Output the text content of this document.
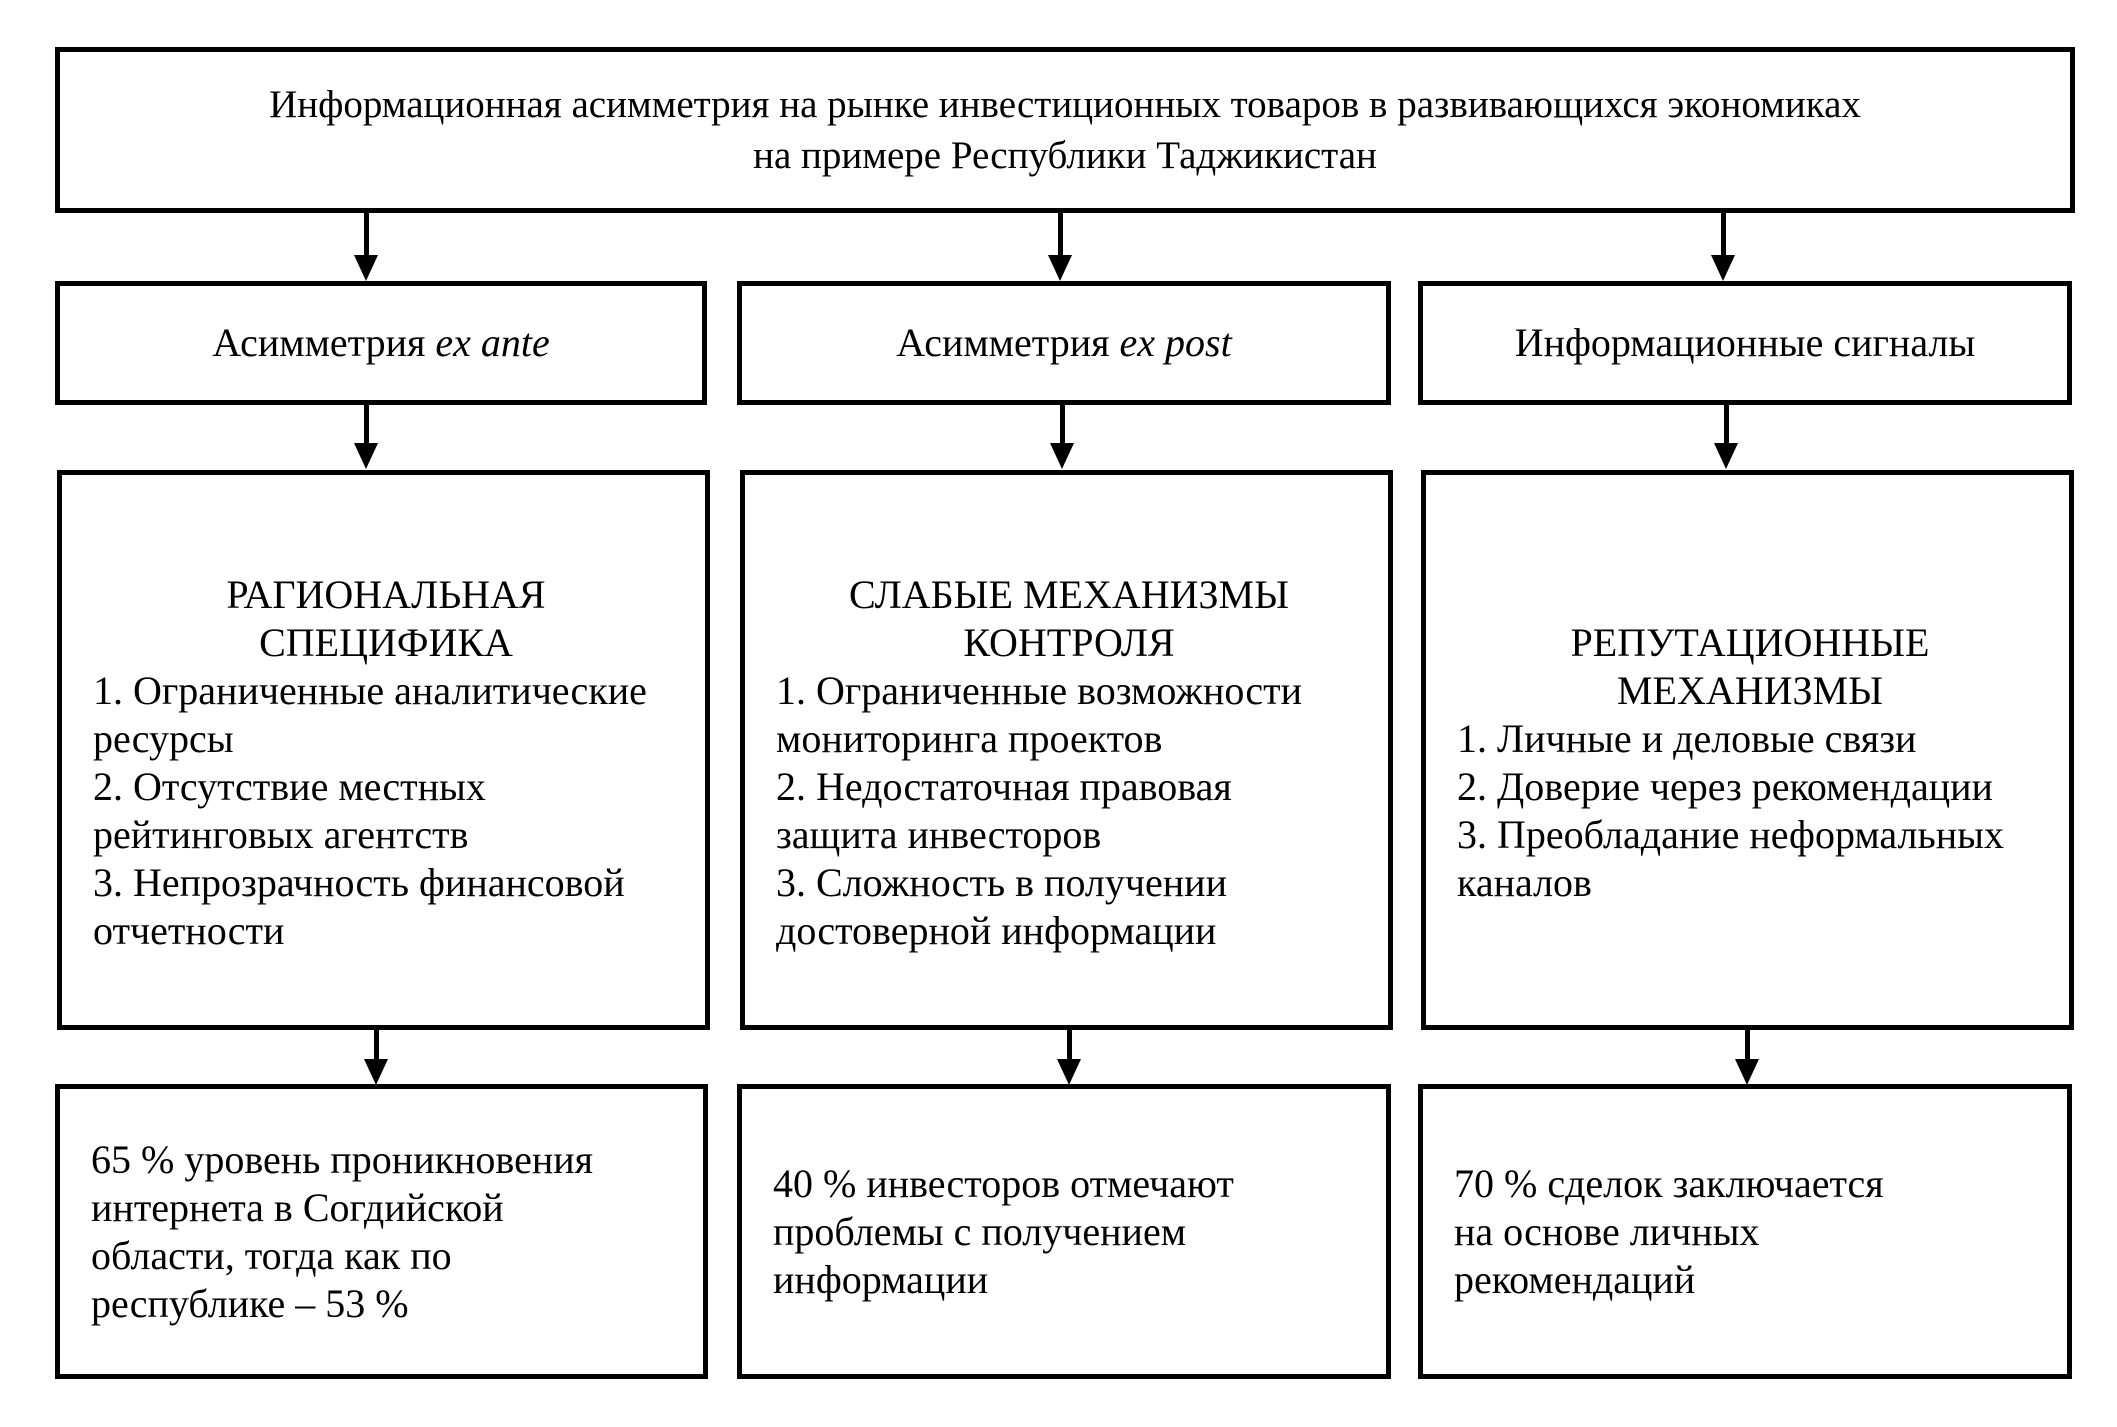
Информационная асимметрия на рынке инвестиционных товаров в развивающихся экономиках
на примере Республики Таджикистан
Асимметрия ex ante	Асимметрия ex post	Информационные сигналы
РАГИОНАЛЬНАЯ
СПЕЦИФИКА
1. Ограниченные аналитические
ресурсы
2. Отсутствие местных
рейтинговых агентств
3. Непрозрачность финансовой
отчетности
СЛАБЫЕ МЕХАНИЗМЫ
КОНТРОЛЯ
1. Ограниченные возможности
мониторинга проектов
2. Недостаточная правовая
защита инвесторов
3. Сложность в получении
достоверной информации
РЕПУТАЦИОННЫЕ
МЕХАНИЗМЫ
1. Личные и деловые связи
2. Доверие через рекомендации
3. Преобладание неформальных
каналов
65 % уровень проникновения
интернета в Согдийской
области, тогда как по
республике – 53 %
40 % инвесторов отмечают
проблемы с получением
информации
70 % сделок заключается
на основе личных
рекомендаций
